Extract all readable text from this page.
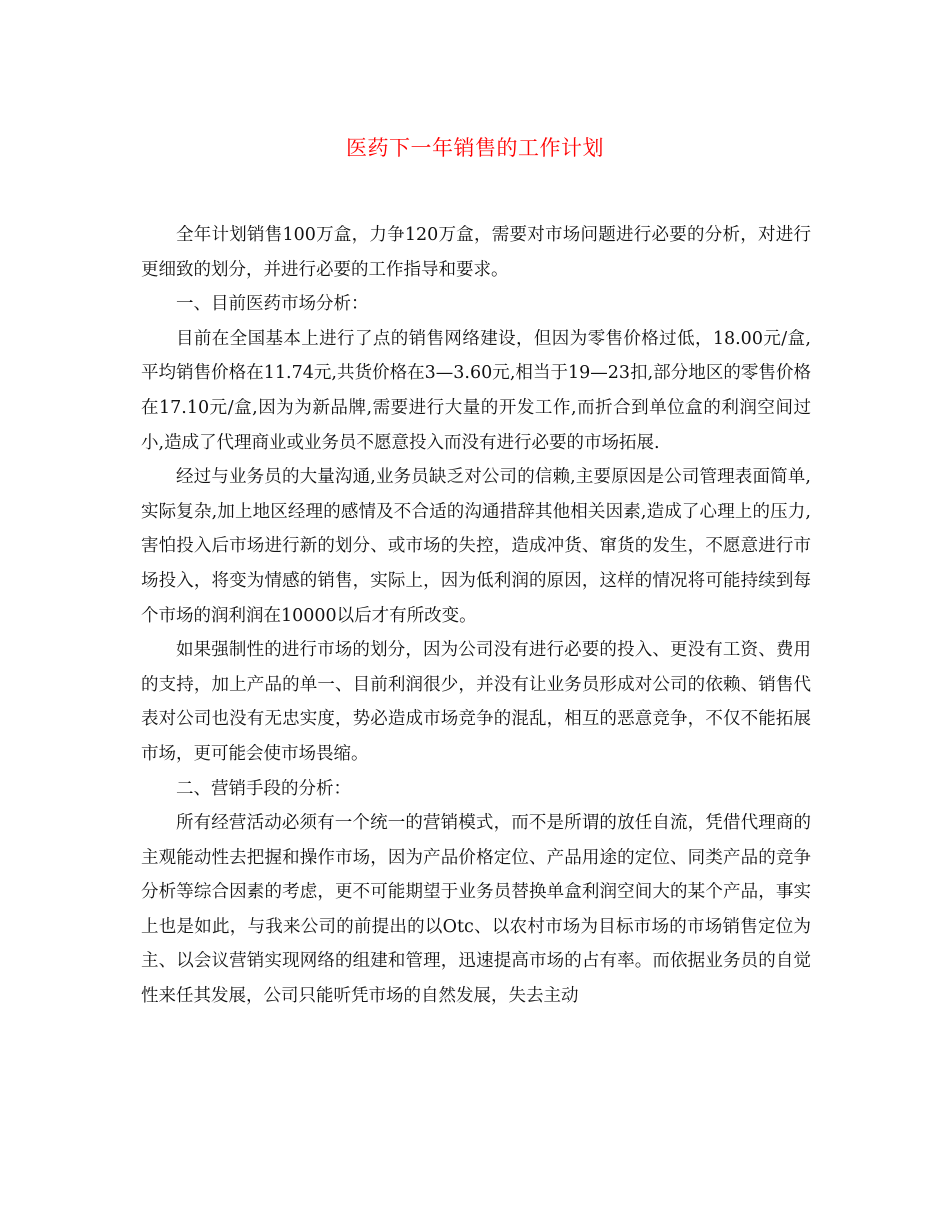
医药下一年销售的工作计划

全年计划销售100万盒，力争120万盒，需要对市场问题进行必要的分析，对进行更细致的划分，并进行必要的工作指导和要求。

一、目前医药市场分析：

目前在全国基本上进行了点的销售网络建设，但因为零售价格过低，18.00元/盒,平均销售价格在11.74元,共货价格在3—3.60元,相当于19—23扣,部分地区的零售价格在17.10元/盒,因为为新品牌,需要进行大量的开发工作,而折合到单位盒的利润空间过小,造成了代理商业或业务员不愿意投入而没有进行必要的市场拓展.

经过与业务员的大量沟通,业务员缺乏对公司的信赖,主要原因是公司管理表面简单,实际复杂,加上地区经理的感情及不合适的沟通措辞其他相关因素,造成了心理上的压力,害怕投入后市场进行新的划分、或市场的失控，造成冲货、窜货的发生，不愿意进行市场投入，将变为情感的销售，实际上，因为低利润的原因，这样的情况将可能持续到每个市场的润利润在10000以后才有所改变。

如果强制性的进行市场的划分，因为公司没有进行必要的投入、更没有工资、费用的支持，加上产品的单一、目前利润很少，并没有让业务员形成对公司的依赖、销售代表对公司也没有无忠实度，势必造成市场竞争的混乱，相互的恶意竞争，不仅不能拓展市场，更可能会使市场畏缩。

二、营销手段的分析：

所有经营活动必须有一个统一的营销模式，而不是所谓的放任自流，凭借代理商的主观能动性去把握和操作市场，因为产品价格定位、产品用途的定位、同类产品的竞争分析等综合因素的考虑，更不可能期望于业务员替换单盒利润空间大的某个产品，事实上也是如此，与我来公司的前提出的以Otc、以农村市场为目标市场的市场销售定位为主、以会议营销实现网络的组建和管理，迅速提高市场的占有率。而依据业务员的自觉性来任其发展，公司只能听凭市场的自然发展，失去主动
